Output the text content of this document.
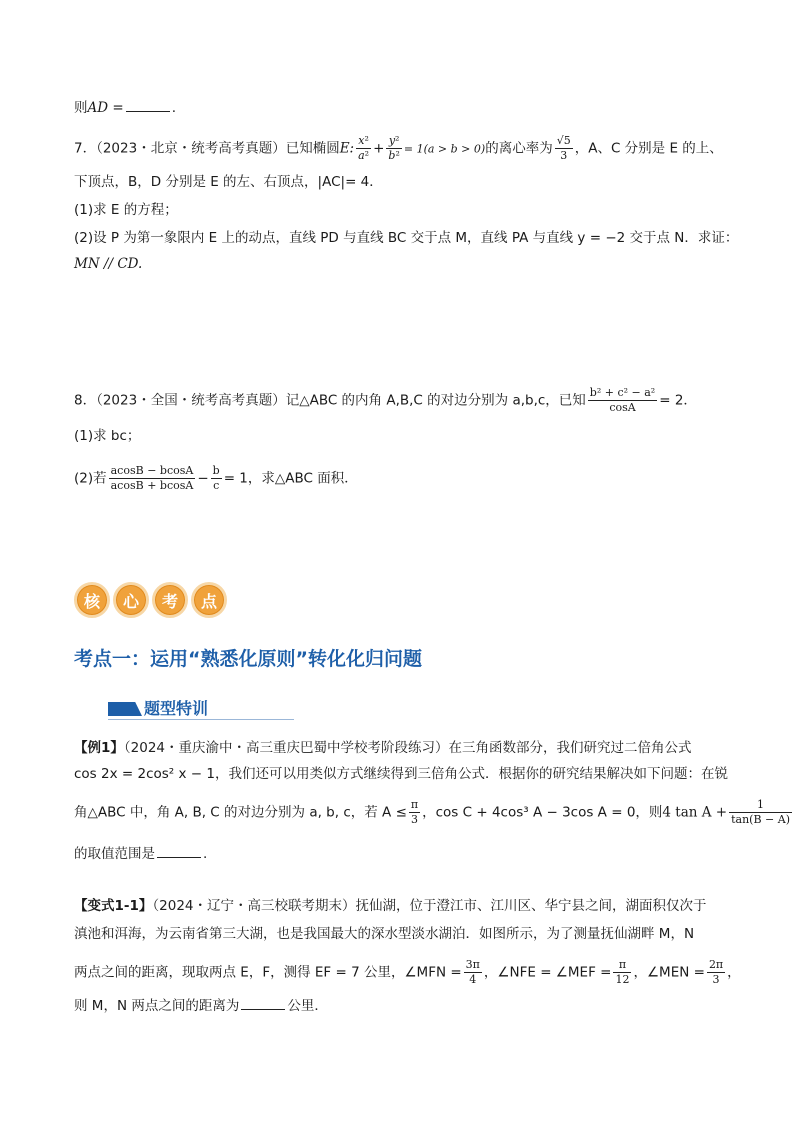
则AD =	.
7．（2023・北京・统考高考真题）已知椭圆E: $\frac{\text{x²}}{\text{a²}} + \frac{\text{y²}}{\text{b²}} = 1(a > b > 0)$的离心率为 $\frac{√5}{3}$ ，A、C 分别是 E 的上、
下顶点，B，D 分别是 E 的左、右顶点，|AC|= 4．
(1)求 E 的方程；
(2)设 P 为第一象限内 E 上的动点，直线 PD 与直线 BC 交于点 M，直线 PA 与直线 y = −2 交于点 N．求证：
MN // CD.
8．（2023・全国・统考高考真题）记△ABC 的内角 A,B,C 的对边分别为 a,b,c，已知 $\frac{\text{b² + c² − a²}}{\cos A} = 2$．
(1)求 bc；
(2)若 $\frac{acosB - bcosA}{acosB + bcosA} - \frac{b}{c} = 1$，求△ABC 面积．
核	心	考	点
考点一：运用“熟悉化原则”转化化归问题
题型特训
【例1】（2024・重庆渝中・高三重庆巴蜀中学校考阶段练习）在三角函数部分，我们研究过二倍角公式
cos 2x = 2cos² x − 1，我们还可以用类似方式继续得到三倍角公式．根据你的研究结果解决如下问题：在锐
角△ABC 中，角 A, B, C 的对边分别为 a, b, c，若 $A \le \frac{\pi}{3}$ ，cos C + 4cos³ A − 3cos A = 0，则4 $\tan A + \frac{1}{\tan(B - A)}$
的取值范围是	.
【变式1-1】（2024・辽宁・高三校联考期末）抚仙湖，位于澄江市、江川区、华宁县之间，湖面积仅次于
滇池和洱海，为云南省第三大湖，也是我国最大的深水型淡水湖泊．如图所示，为了测量抚仙湖畔 M，N
两点之间的距离，现取两点 E，F，测得 EF = 7 公里，∠MFN = $\frac{3\pi}{4}$ ，∠NFE = ∠MEF = $\frac{\pi}{12}$ ，∠MEN = $\frac{2\pi}{3}$ ，
则 M，N 两点之间的距离为	公里．
